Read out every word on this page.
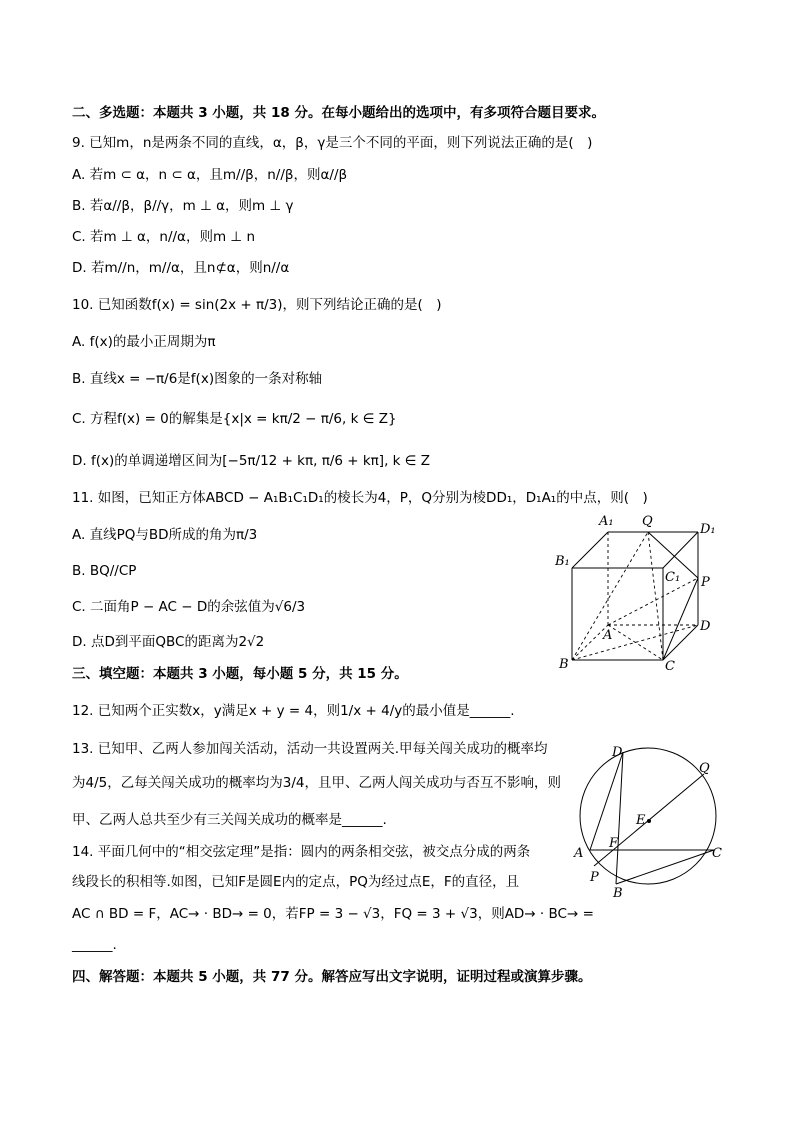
二、多选题：本题共 3 小题，共 18 分。在每小题给出的选项中，有多项符合题目要求。
9. 已知m，n是两条不同的直线，α，β，γ是三个不同的平面，则下列说法正确的是(　)
A. 若m ⊂ α，n ⊂ α，且m//β，n//β，则α//β
B. 若α//β，β//γ，m ⊥ α，则m ⊥ γ
C. 若m ⊥ α，n//α，则m ⊥ n
D. 若m//n，m//α，且n⊄α，则n//α
10. 已知函数f(x) = sin(2x + π/3)，则下列结论正确的是(　)
A. f(x)的最小正周期为π
B. 直线x = −π/6是f(x)图象的一条对称轴
C. 方程f(x) = 0的解集是{x|x = kπ/2 − π/6, k ∈ Z}
D. f(x)的单调递增区间为[−5π/12 + kπ, π/6 + kπ], k ∈ Z
11. 如图，已知正方体ABCD − A₁B₁C₁D₁的棱长为4，P，Q分别为棱DD₁，D₁A₁的中点，则(　)
A. 直线PQ与BD所成的角为π/3
B. BQ//CP
C. 二面角P − AC − D的余弦值为√6/3
D. 点D到平面QBC的距离为2√2
三、填空题：本题共 3 小题，每小题 5 分，共 15 分。
12. 已知两个正实数x，y满足x + y = 4，则1/x + 4/y的最小值是______.
13. 已知甲、乙两人参加闯关活动，活动一共设置两关.甲每关闯关成功的概率均
为4/5，乙每关闯关成功的概率均为3/4，且甲、乙两人闯关成功与否互不影响，则
甲、乙两人总共至少有三关闯关成功的概率是______.
14. 平面几何中的“相交弦定理”是指：圆内的两条相交弦，被交点分成的两条
线段长的积相等.如图，已知F是圆E内的定点，PQ为经过点E，F的直径，且
AC ∩ BD = F，AC→ · BD→ = 0，若FP = 3 − √3，FQ = 3 + √3，则AD→ · BC→ =
______.
四、解答题：本题共 5 小题，共 77 分。解答应写出文字说明，证明过程或演算步骤。
A₁ Q
D₁
B₁
C₁ P
A
D
B	C
D
Q
E
A
F
C
P
B
